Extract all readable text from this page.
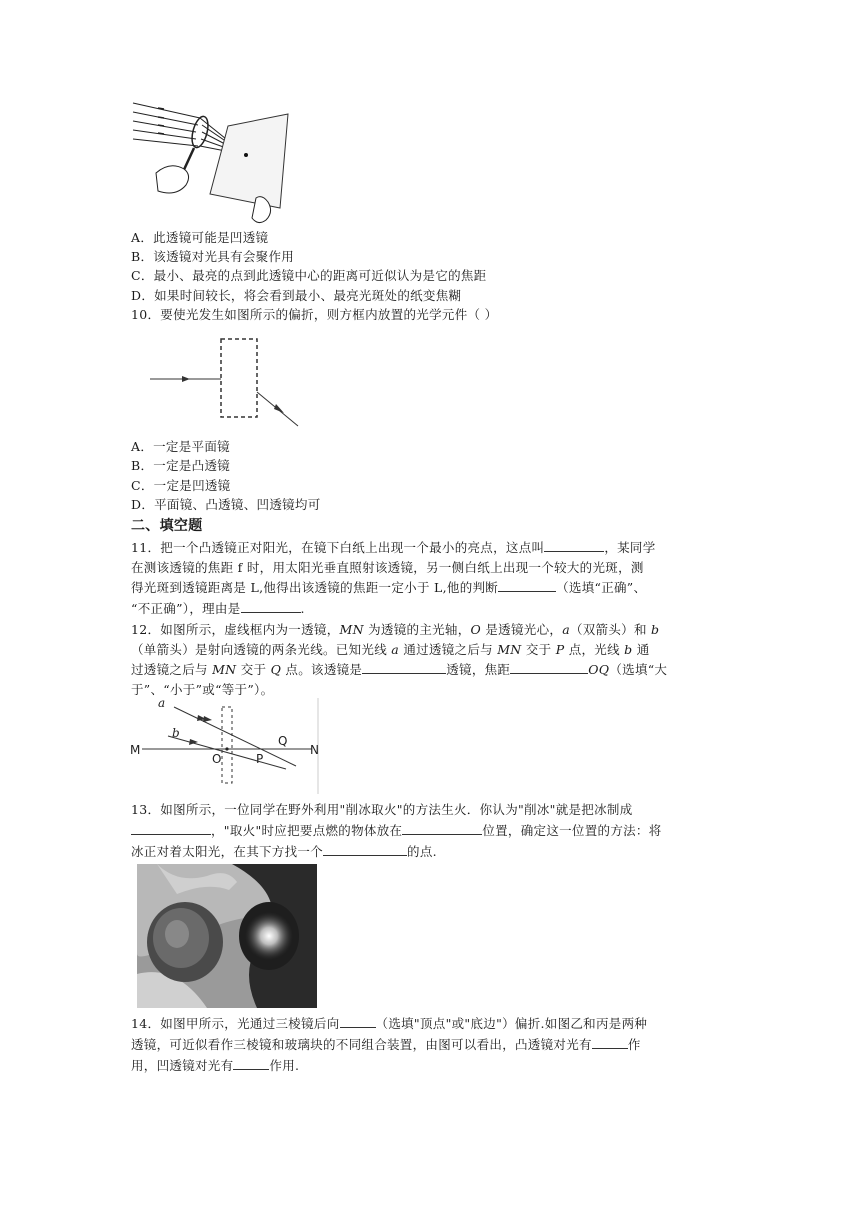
A．此透镜可能是凹透镜
B．该透镜对光具有会聚作用
C．最小、最亮的点到此透镜中心的距离可近似认为是它的焦距
D．如果时间较长，将会看到最小、最亮光斑处的纸变焦糊
10．要使光发生如图所示的偏折，则方框内放置的光学元件（ ）
A．一定是平面镜
B．一定是凸透镜
C．一定是凹透镜
D．平面镜、凸透镜、凹透镜均可
二、填空题
11．把一个凸透镜正对阳光，在镜下白纸上出现一个最小的亮点，这点叫	，某同学
在测该透镜的焦距 f 时，用太阳光垂直照射该透镜，另一侧白纸上出现一个较大的光斑，测
得光斑到透镜距离是 L,他得出该透镜的焦距一定小于 L,他的判断	（选填“正确”、
“不正确”），理由是	.
12．如图所示，虚线框内为一透镜，MN 为透镜的主光轴，O 是透镜光心，a（双箭头）和 b
（单箭头）是射向透镜的两条光线。已知光线 a 通过透镜之后与 MN 交于 P 点，光线 b 通
过透镜之后与 MN 交于 Q 点。该透镜是	透镜，焦距	OQ（选填“大
于”、“小于”或“等于”）。
a
b
M	N
O	P
Q
13．如图所示，一位同学在野外利用"削冰取火"的方法生火．你认为"削冰"就是把冰制成
，"取火"时应把要点燃的物体放在	位置，确定这一位置的方法：将
冰正对着太阳光，在其下方找一个	的点.
14．如图甲所示，光通过三棱镜后向	（选填"顶点"或"底边"）偏折.如图乙和丙是两种
透镜，可近似看作三棱镜和玻璃块的不同组合装置，由图可以看出，凸透镜对光有	作
用，凹透镜对光有	作用.
